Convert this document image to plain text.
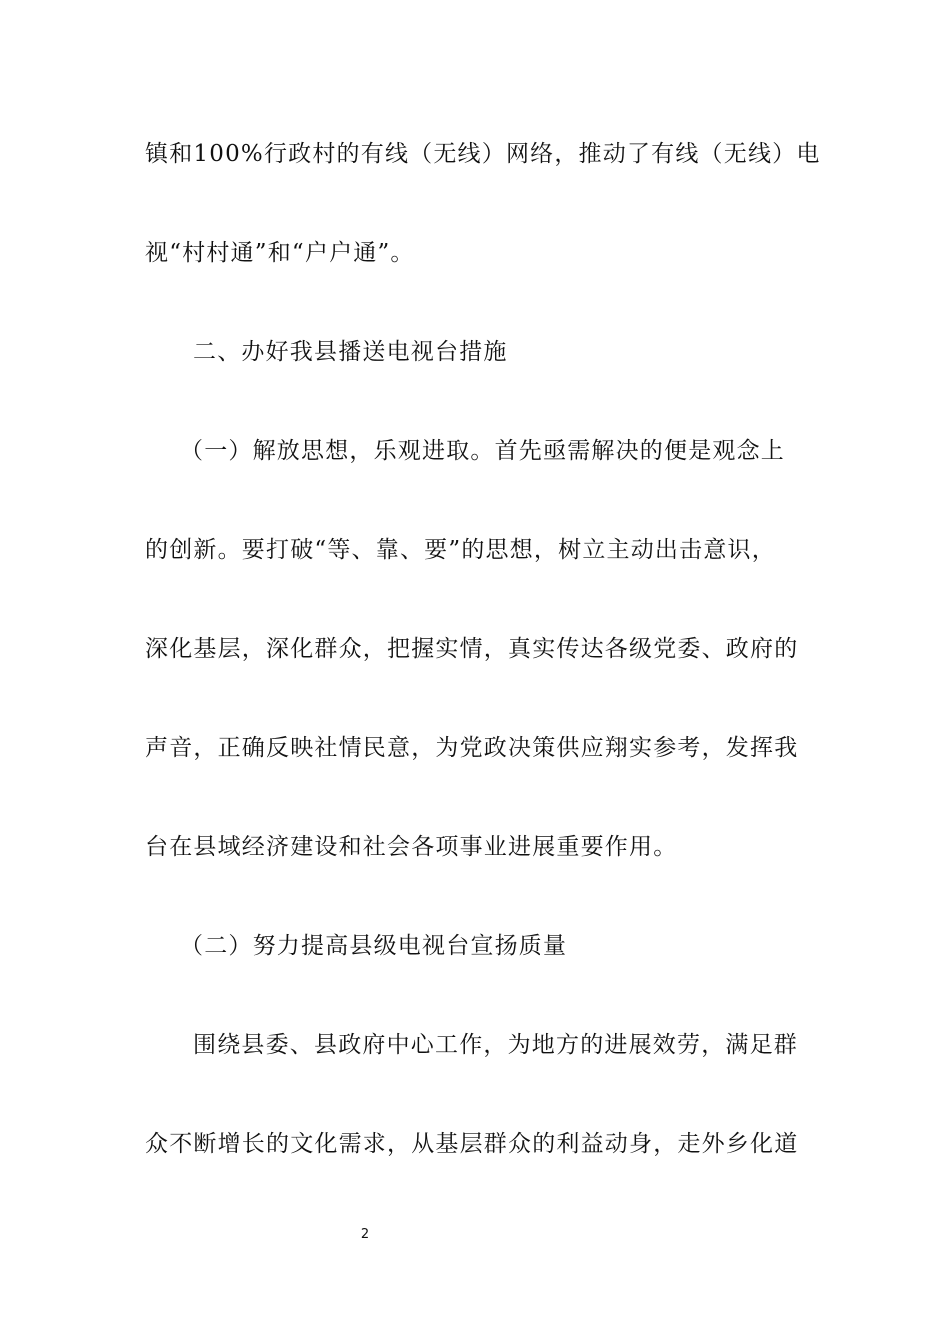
镇和100%行政村的有线（无线）网络，推动了有线（无线）电
视“村村通”和“户户通”。
二、办好我县播送电视台措施
（一）解放思想，乐观进取。首先亟需解决的便是观念上
的创新。要打破“等、靠、要”的思想，树立主动出击意识，
深化基层，深化群众，把握实情，真实传达各级党委、政府的
声音，正确反映社情民意，为党政决策供应翔实参考，发挥我
台在县域经济建设和社会各项事业进展重要作用。
（二）努力提高县级电视台宣扬质量
围绕县委、县政府中心工作，为地方的进展效劳，满足群
众不断增长的文化需求，从基层群众的利益动身，走外乡化道
2
